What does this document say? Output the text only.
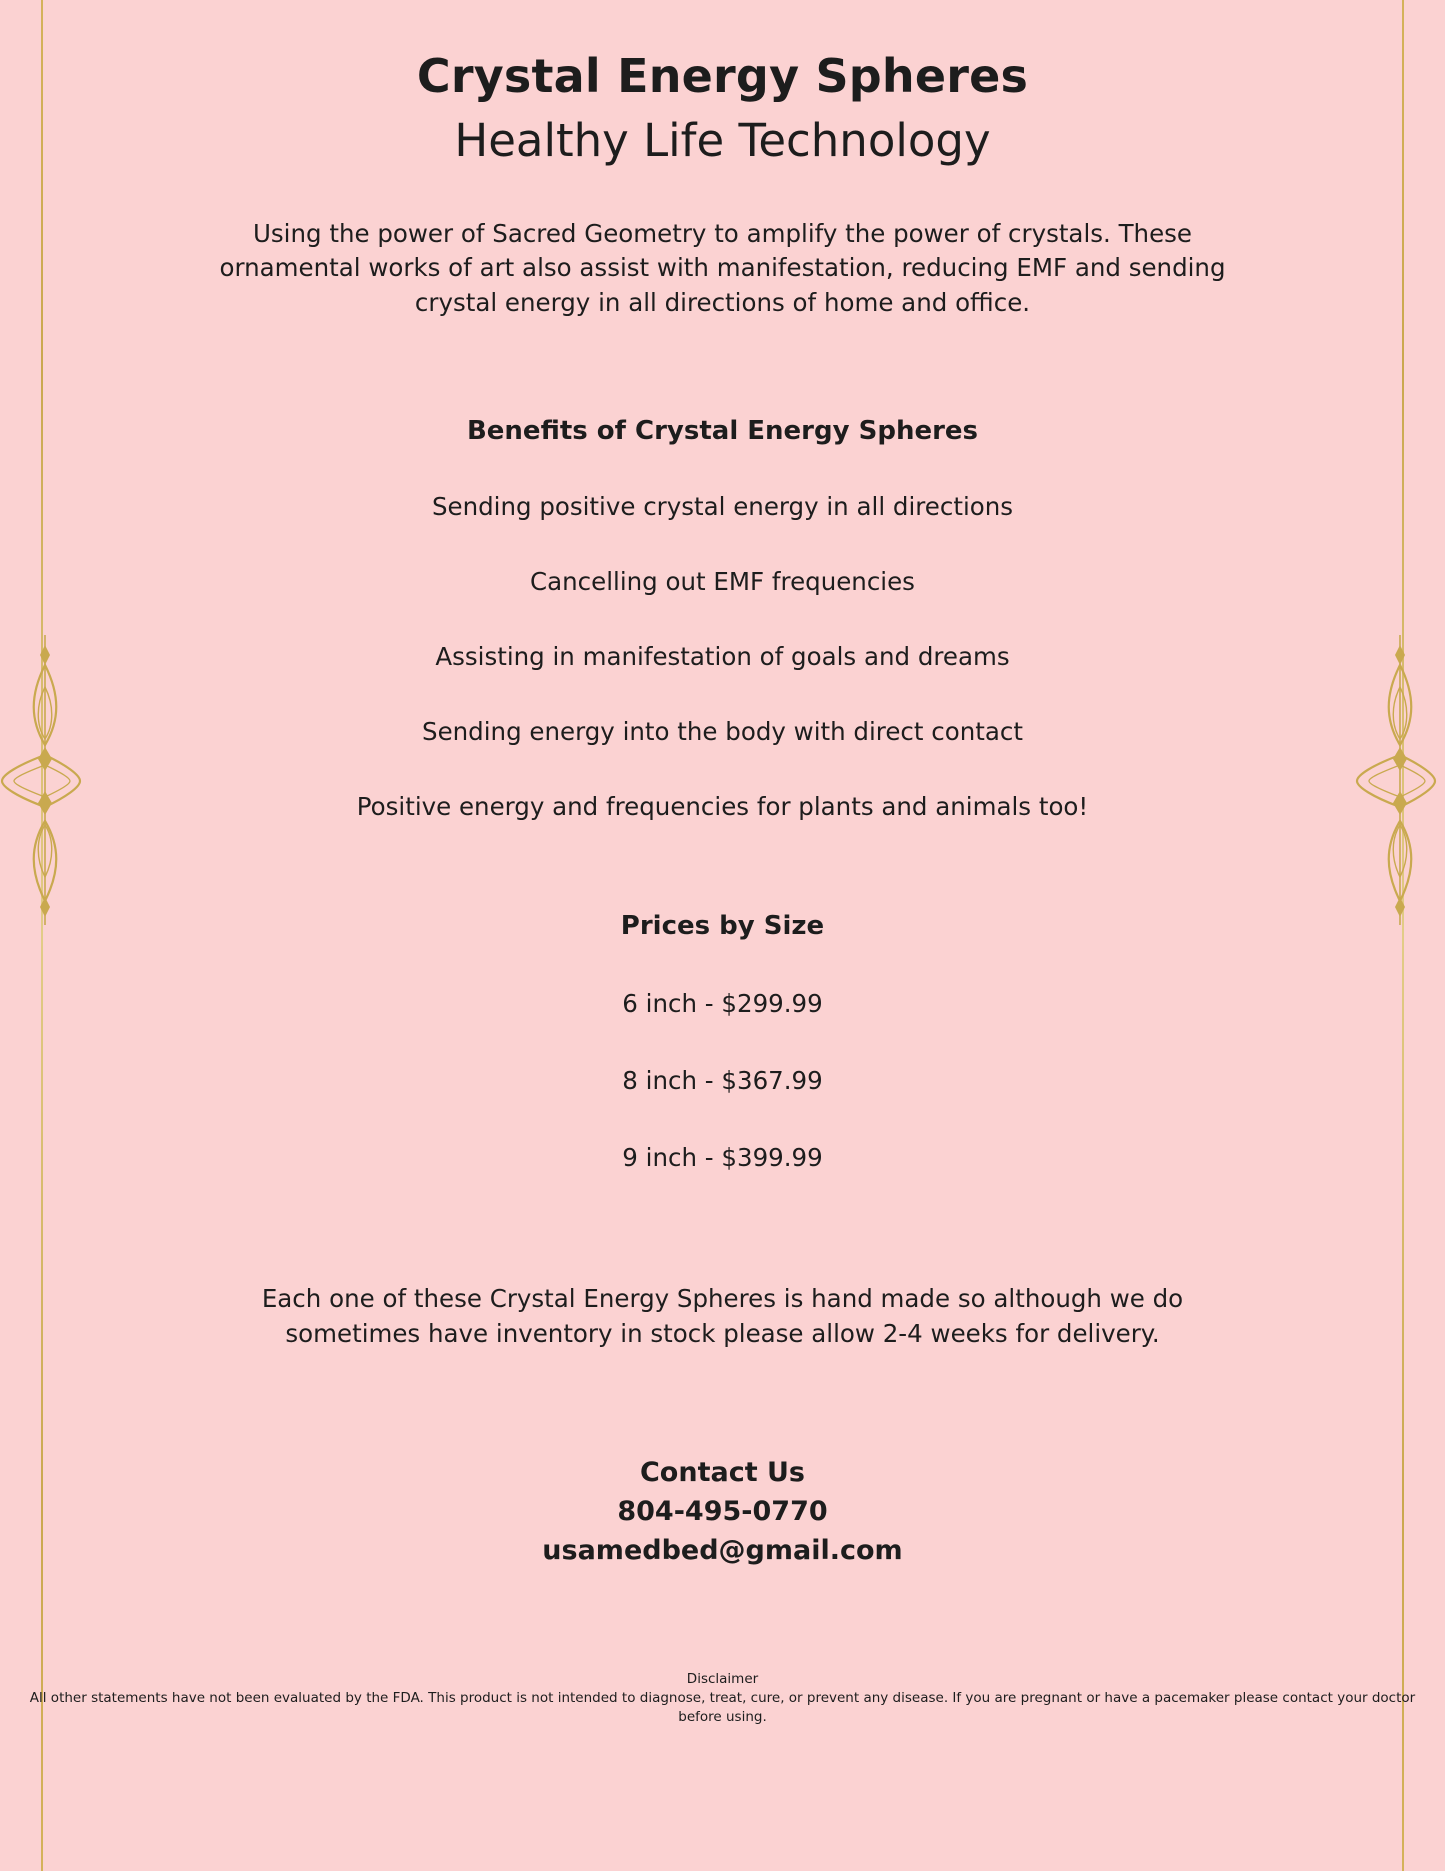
Crystal Energy Spheres
Healthy Life Technology

Using the power of Sacred Geometry to amplify the power of crystals. These ornamental works of art also assist with manifestation, reducing EMF and sending crystal energy in all directions of home and office.

Benefits of Crystal Energy Spheres

Sending positive crystal energy in all directions

Cancelling out EMF frequencies

Assisting in manifestation of goals and dreams

Sending energy into the body with direct contact

Positive energy and frequencies for plants and animals too!

Prices by Size

6 inch - $299.99

8 inch - $367.99

9 inch - $399.99

Each one of these Crystal Energy Spheres is hand made so although we do sometimes have inventory in stock please allow 2-4 weeks for delivery.

Contact Us
804-495-0770
usamedbed@gmail.com
Disclaimer
All other statements have not been evaluated by the FDA. This product is not intended to diagnose, treat, cure, or prevent any disease. If you are pregnant or have a pacemaker please contact your doctor before using.
